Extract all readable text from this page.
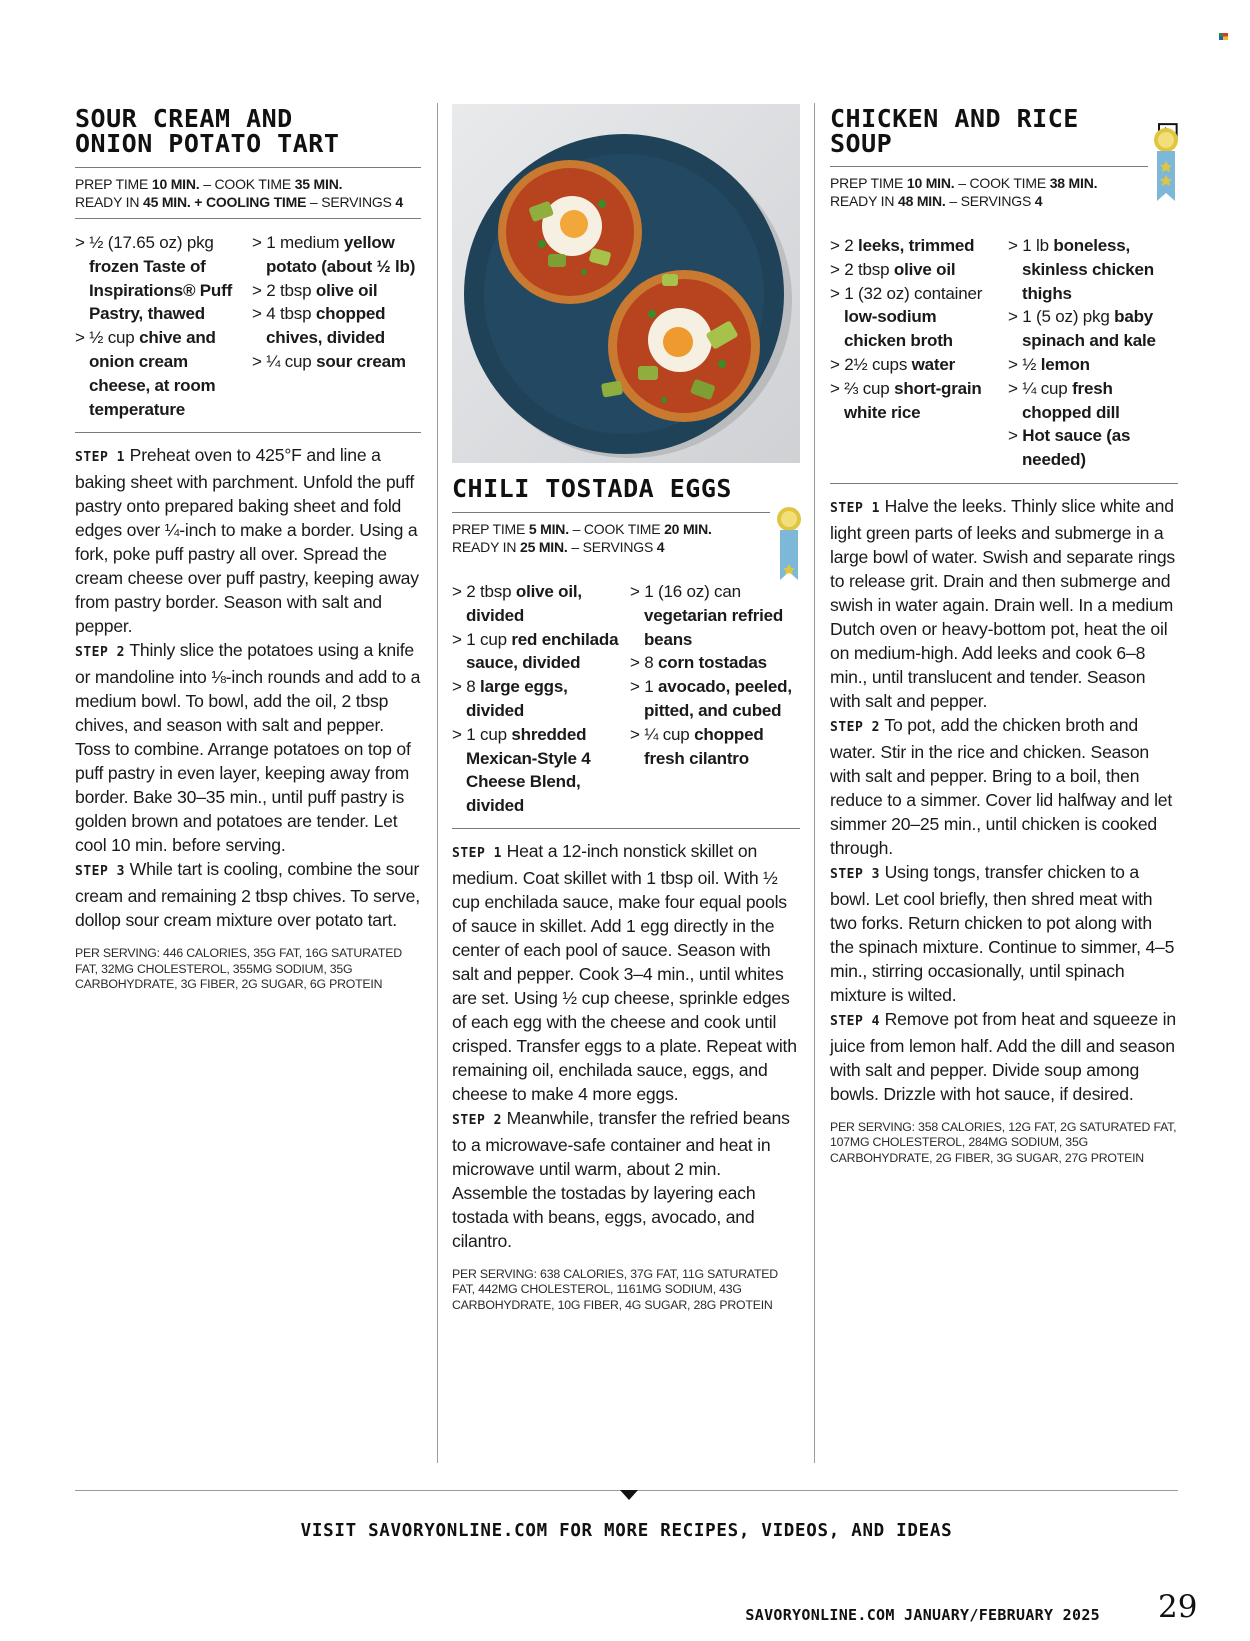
SOUR CREAM AND
ONION POTATO TART
PREP TIME 10 MIN. – COOK TIME 35 MIN.
READY IN 45 MIN. + COOLING TIME – SERVINGS 4
> ½ (17.65 oz) pkg frozen Taste of Inspirations® Puff Pastry, thawed
> ½ cup chive and onion cream cheese, at room temperature
> 1 medium yellow potato (about ½ lb)
> 2 tbsp olive oil
> 4 tbsp chopped chives, divided
> ¼ cup sour cream
STEP 1 Preheat oven to 425°F and line a baking sheet with parchment. Unfold the puff pastry onto prepared baking sheet and fold edges over ¼-inch to make a border. Using a fork, poke puff pastry all over. Spread the cream cheese over puff pastry, keeping away from pastry border. Season with salt and pepper.
STEP 2 Thinly slice the potatoes using a knife or mandoline into ⅛-inch rounds and add to a medium bowl. To bowl, add the oil, 2 tbsp chives, and season with salt and pepper. Toss to combine. Arrange potatoes on top of puff pastry in even layer, keeping away from border. Bake 30–35 min., until puff pastry is golden brown and potatoes are tender. Let cool 10 min. before serving.
STEP 3 While tart is cooling, combine the sour cream and remaining 2 tbsp chives. To serve, dollop sour cream mixture over potato tart.
PER SERVING: 446 CALORIES, 35G FAT, 16G SATURATED FAT, 32MG CHOLESTEROL, 355MG SODIUM, 35G CARBOHYDRATE, 3G FIBER, 2G SUGAR, 6G PROTEIN
CHILI TOSTADA EGGS
PREP TIME 5 MIN. – COOK TIME 20 MIN.
READY IN 25 MIN. – SERVINGS 4
> 2 tbsp olive oil, divided
> 1 cup red enchilada sauce, divided
> 8 large eggs, divided
> 1 cup shredded Mexican-Style 4 Cheese Blend, divided
> 1 (16 oz) can vegetarian refried beans
> 8 corn tostadas
> 1 avocado, peeled, pitted, and cubed
> ¼ cup chopped fresh cilantro
STEP 1 Heat a 12-inch nonstick skillet on medium. Coat skillet with 1 tbsp oil. With ½ cup enchilada sauce, make four equal pools of sauce in skillet. Add 1 egg directly in the center of each pool of sauce. Season with salt and pepper. Cook 3–4 min., until whites are set. Using ½ cup cheese, sprinkle edges of each egg with the cheese and cook until crisped. Transfer eggs to a plate. Repeat with remaining oil, enchilada sauce, eggs, and cheese to make 4 more eggs.
STEP 2 Meanwhile, transfer the refried beans to a microwave-safe container and heat in microwave until warm, about 2 min. Assemble the tostadas by layering each tostada with beans, eggs, avocado, and cilantro.
PER SERVING: 638 CALORIES, 37G FAT, 11G SATURATED FAT, 442MG CHOLESTEROL, 1161MG SODIUM, 43G CARBOHYDRATE, 10G FIBER, 4G SUGAR, 28G PROTEIN
CHICKEN AND RICE SOUP
PREP TIME 10 MIN. – COOK TIME 38 MIN.
READY IN 48 MIN. – SERVINGS 4
> 2 leeks, trimmed
> 2 tbsp olive oil
> 1 (32 oz) container low-sodium chicken broth
> 2½ cups water
> ⅔ cup short-grain white rice
> 1 lb boneless, skinless chicken thighs
> 1 (5 oz) pkg baby spinach and kale
> ½ lemon
> ¼ cup fresh chopped dill
> Hot sauce (as needed)
STEP 1 Halve the leeks. Thinly slice white and light green parts of leeks and submerge in a large bowl of water. Swish and separate rings to release grit. Drain and then submerge and swish in water again. Drain well. In a medium Dutch oven or heavy-bottom pot, heat the oil on medium-high. Add leeks and cook 6–8 min., until translucent and tender. Season with salt and pepper.
STEP 2 To pot, add the chicken broth and water. Stir in the rice and chicken. Season with salt and pepper. Bring to a boil, then reduce to a simmer. Cover lid halfway and let simmer 20–25 min., until chicken is cooked through.
STEP 3 Using tongs, transfer chicken to a bowl. Let cool briefly, then shred meat with two forks. Return chicken to pot along with the spinach mixture. Continue to simmer, 4–5 min., stirring occasionally, until spinach mixture is wilted.
STEP 4 Remove pot from heat and squeeze in juice from lemon half. Add the dill and season with salt and pepper. Divide soup among bowls. Drizzle with hot sauce, if desired.
PER SERVING: 358 CALORIES, 12G FAT, 2G SATURATED FAT, 107MG CHOLESTEROL, 284MG SODIUM, 35G CARBOHYDRATE, 2G FIBER, 3G SUGAR, 27G PROTEIN
VISIT SAVORYONLINE.COM FOR MORE RECIPES, VIDEOS, AND IDEAS
SAVORYONLINE.COM JANUARY/FEBRUARY 2025 29
